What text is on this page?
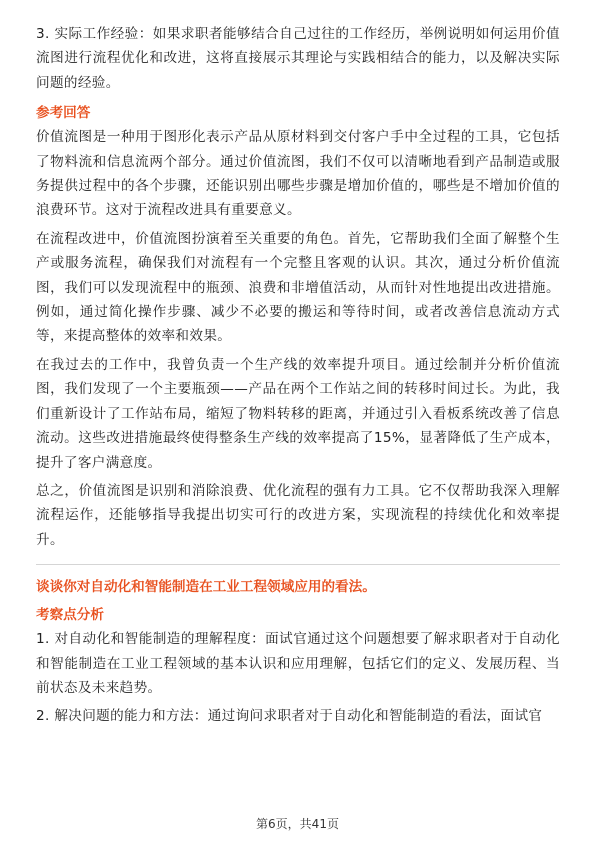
3. 实际工作经验：如果求职者能够结合自己过往的工作经历，举例说明如何运用价值流图进行流程优化和改进，这将直接展示其理论与实践相结合的能力，以及解决实际问题的经验。

参考回答

价值流图是一种用于图形化表示产品从原材料到交付客户手中全过程的工具，它包括了物料流和信息流两个部分。通过价值流图，我们不仅可以清晰地看到产品制造或服务提供过程中的各个步骤，还能识别出哪些步骤是增加价值的，哪些是不增加价值的浪费环节。这对于流程改进具有重要意义。

在流程改进中，价值流图扮演着至关重要的角色。首先，它帮助我们全面了解整个生产或服务流程，确保我们对流程有一个完整且客观的认识。其次，通过分析价值流图，我们可以发现流程中的瓶颈、浪费和非增值活动，从而针对性地提出改进措施。例如，通过简化操作步骤、减少不必要的搬运和等待时间，或者改善信息流动方式等，来提高整体的效率和效果。

在我过去的工作中，我曾负责一个生产线的效率提升项目。通过绘制并分析价值流图，我们发现了一个主要瓶颈——产品在两个工作站之间的转移时间过长。为此，我们重新设计了工作站布局，缩短了物料转移的距离，并通过引入看板系统改善了信息流动。这些改进措施最终使得整条生产线的效率提高了15%，显著降低了生产成本，提升了客户满意度。

总之，价值流图是识别和消除浪费、优化流程的强有力工具。它不仅帮助我深入理解流程运作，还能够指导我提出切实可行的改进方案，实现流程的持续优化和效率提升。

谈谈你对自动化和智能制造在工业工程领域应用的看法。

考察点分析

1. 对自动化和智能制造的理解程度：面试官通过这个问题想要了解求职者对于自动化和智能制造在工业工程领域的基本认识和应用理解，包括它们的定义、发展历程、当前状态及未来趋势。

2. 解决问题的能力和方法：通过询问求职者对于自动化和智能制造的看法，面试官

第6页，共41页
